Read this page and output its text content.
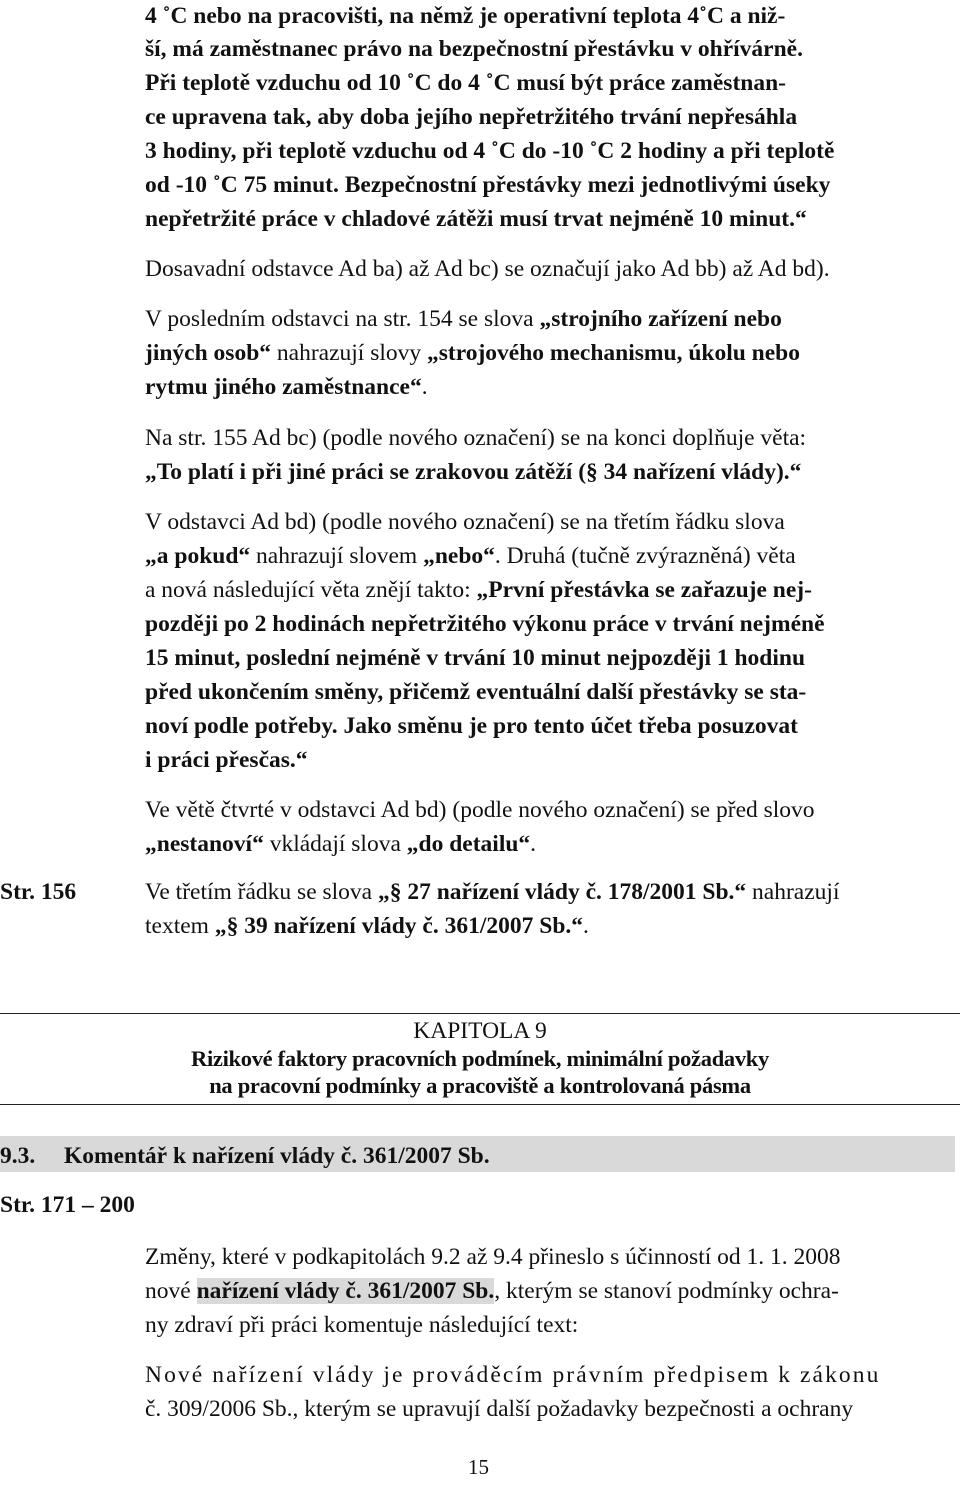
4 ˚C nebo na pracovišti, na němž je operativní teplota 4˚C a niž-
ší, má zaměstnanec právo na bezpečnostní přestávku v ohřívárně.
Při teplotě vzduchu od 10 ˚C do 4 ˚C musí být práce zaměstnan-
ce upravena tak, aby doba jejího nepřetržitého trvání nepřesáhla
3 hodiny, při teplotě vzduchu od 4 ˚C do -10 ˚C 2 hodiny a při teplotě
od -10 ˚C 75 minut. Bezpečnostní přestávky mezi jednotlivými úseky
nepřetržité práce v chladové zátěži musí trvat nejméně 10 minut.“
Dosavadní odstavce Ad ba) až Ad bc) se označují jako Ad bb) až Ad bd).
V posledním odstavci na str. 154 se slova „strojního zařízení nebo
jiných osob“ nahrazují slovy „strojového mechanismu, úkolu nebo
rytmu jiného zaměstnance“.
Na str. 155 Ad bc) (podle nového označení) se na konci doplňuje věta:
„To platí i při jiné práci se zrakovou zátěží (§ 34 nařízení vlády).“
V odstavci Ad bd) (podle nového označení) se na třetím řádku slova
„a pokud“ nahrazují slovem „nebo“. Druhá (tučně zvýrazněná) věta
a nová následující věta znějí takto: „První přestávka se zařazuje nej-
později po 2 hodinách nepřetržitého výkonu práce v trvání nejméně
15 minut, poslední nejméně v trvání 10 minut nejpozději 1 hodinu
před ukončením směny, přičemž eventuální další přestávky se sta-
noví podle potřeby. Jako směnu je pro tento účet třeba posuzovat
i práci přesčas.“
Ve větě čtvrté v odstavci Ad bd) (podle nového označení) se před slovo
„nestanoví“ vkládají slova „do detailu“.
Str. 156	Ve třetím řádku se slova „§ 27 nařízení vlády č. 178/2001 Sb.“ nahrazují
textem „§ 39 nařízení vlády č. 361/2007 Sb.“.
KAPITOLA 9
Rizikové faktory pracovních podmínek, minimální požadavky
na pracovní podmínky a pracoviště a kontrolovaná pásma
9.3. Komentář k nařízení vlády č. 361/2007 Sb.
Str. 171 – 200
Změny, které v podkapitolách 9.2 až 9.4 přineslo s účinností od 1. 1. 2008
nové nařízení vlády č. 361/2007 Sb., kterým se stanoví podmínky ochra-
ny zdraví při práci komentuje následující text:
Nové nařízení vlády je prováděcím právním předpisem k zákonu
č. 309/2006 Sb., kterým se upravují další požadavky bezpečnosti a ochrany
15
